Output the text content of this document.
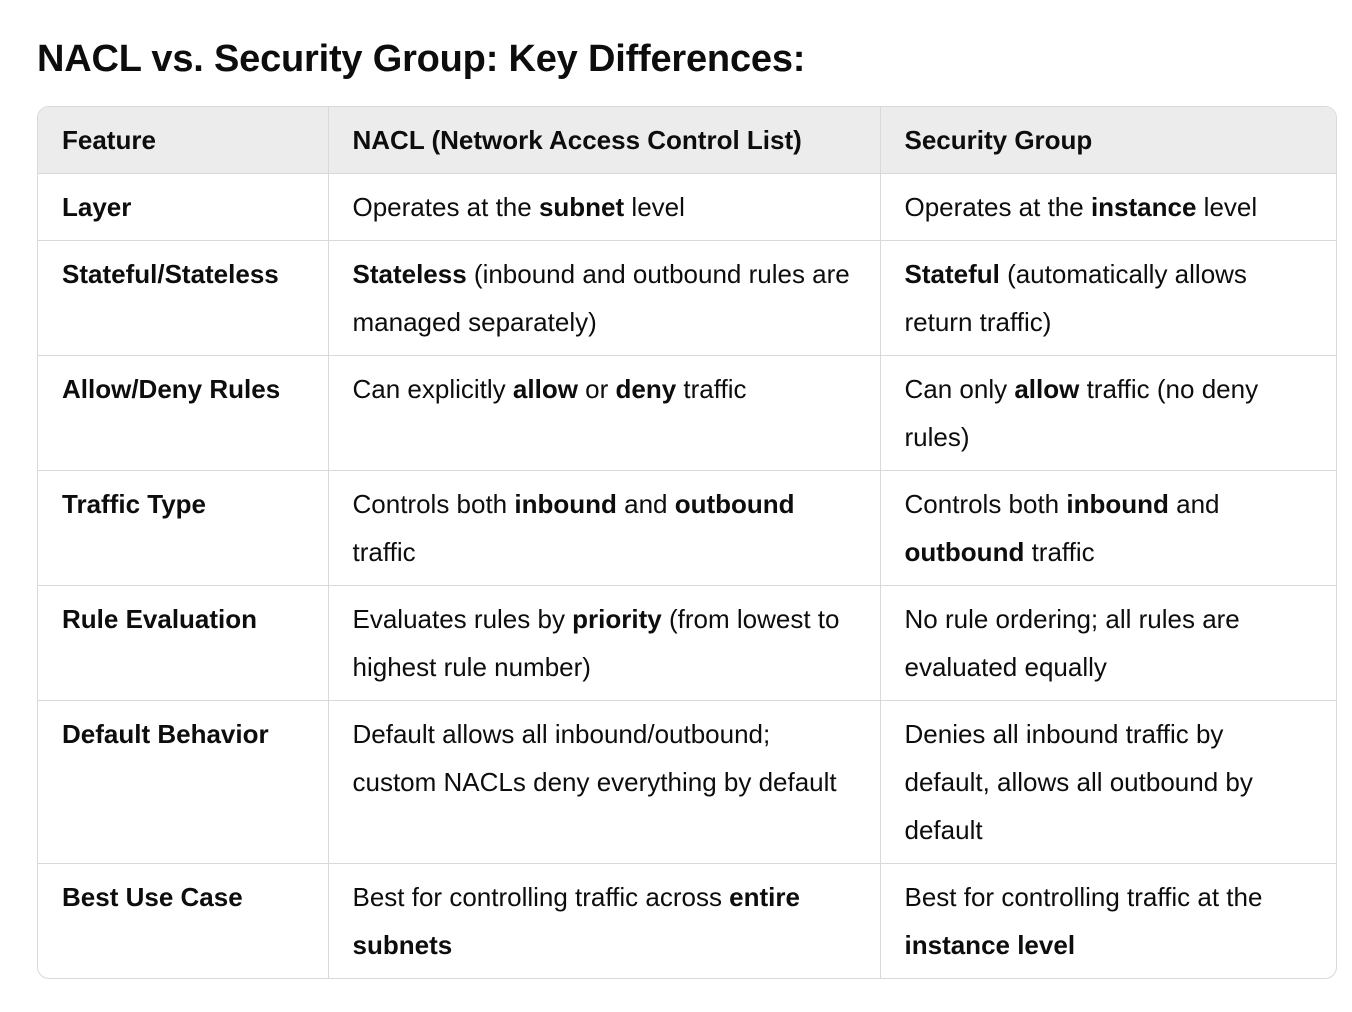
NACL vs. Security Group: Key Differences:
Feature	NACL (Network Access Control List)	Security Group
Layer	Operates at the subnet level	Operates at the instance level
Stateful/Stateless	Stateless (inbound and outbound rules are managed separately)	Stateful (automatically allows return traffic)
Allow/Deny Rules	Can explicitly allow or deny traffic	Can only allow traffic (no deny rules)
Traffic Type	Controls both inbound and outbound traffic	Controls both inbound and outbound traffic
Rule Evaluation	Evaluates rules by priority (from lowest to highest rule number)	No rule ordering; all rules are evaluated equally
Default Behavior	Default allows all inbound/outbound; custom NACLs deny everything by default	Denies all inbound traffic by default, allows all outbound by default
Best Use Case	Best for controlling traffic across entire subnets	Best for controlling traffic at the instance level
